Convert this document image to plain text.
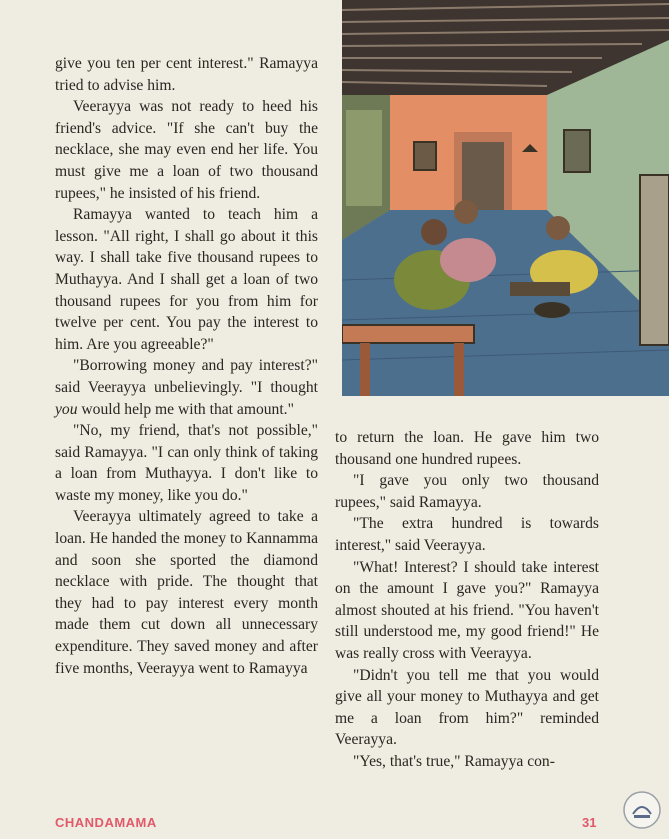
give you ten per cent interest." Ramayya tried to advise him.

Veerayya was not ready to heed his friend's advice. "If she can't buy the necklace, she may even end her life. You must give me a loan of two thousand rupees," he insisted of his friend.

Ramayya wanted to teach him a lesson. "All right, I shall go about it this way. I shall take five thousand rupees to Muthayya. And I shall get a loan of two thousand rupees for you from him for twelve per cent. You pay the interest to him. Are you agreeable?"

"Borrowing money and pay interest?" said Veerayya unbelievingly. "I thought you would help me with that amount."

"No, my friend, that's not possible," said Ramayya. "I can only think of taking a loan from Muthayya. I don't like to waste my money, like you do."

Veerayya ultimately agreed to take a loan. He handed the money to Kannamma and soon she sported the diamond necklace with pride. The thought that they had to pay interest every month made them cut down all unnecessary expenditure. They saved money and after five months, Veerayya went to Ramayya

to return the loan. He gave him two thousand one hundred rupees.

"I gave you only two thousand rupees," said Ramayya.

"The extra hundred is towards interest," said Veerayya.

"What! Interest? I should take interest on the amount I gave you?" Ramayya almost shouted at his friend. "You haven't still understood me, my good friend!" He was really cross with Veerayya.

"Didn't you tell me that you would give all your money to Muthayya and get me a loan from him?" reminded Veerayya.

"Yes, that's true," Ramayya con-

CHANDAMAMA	31
